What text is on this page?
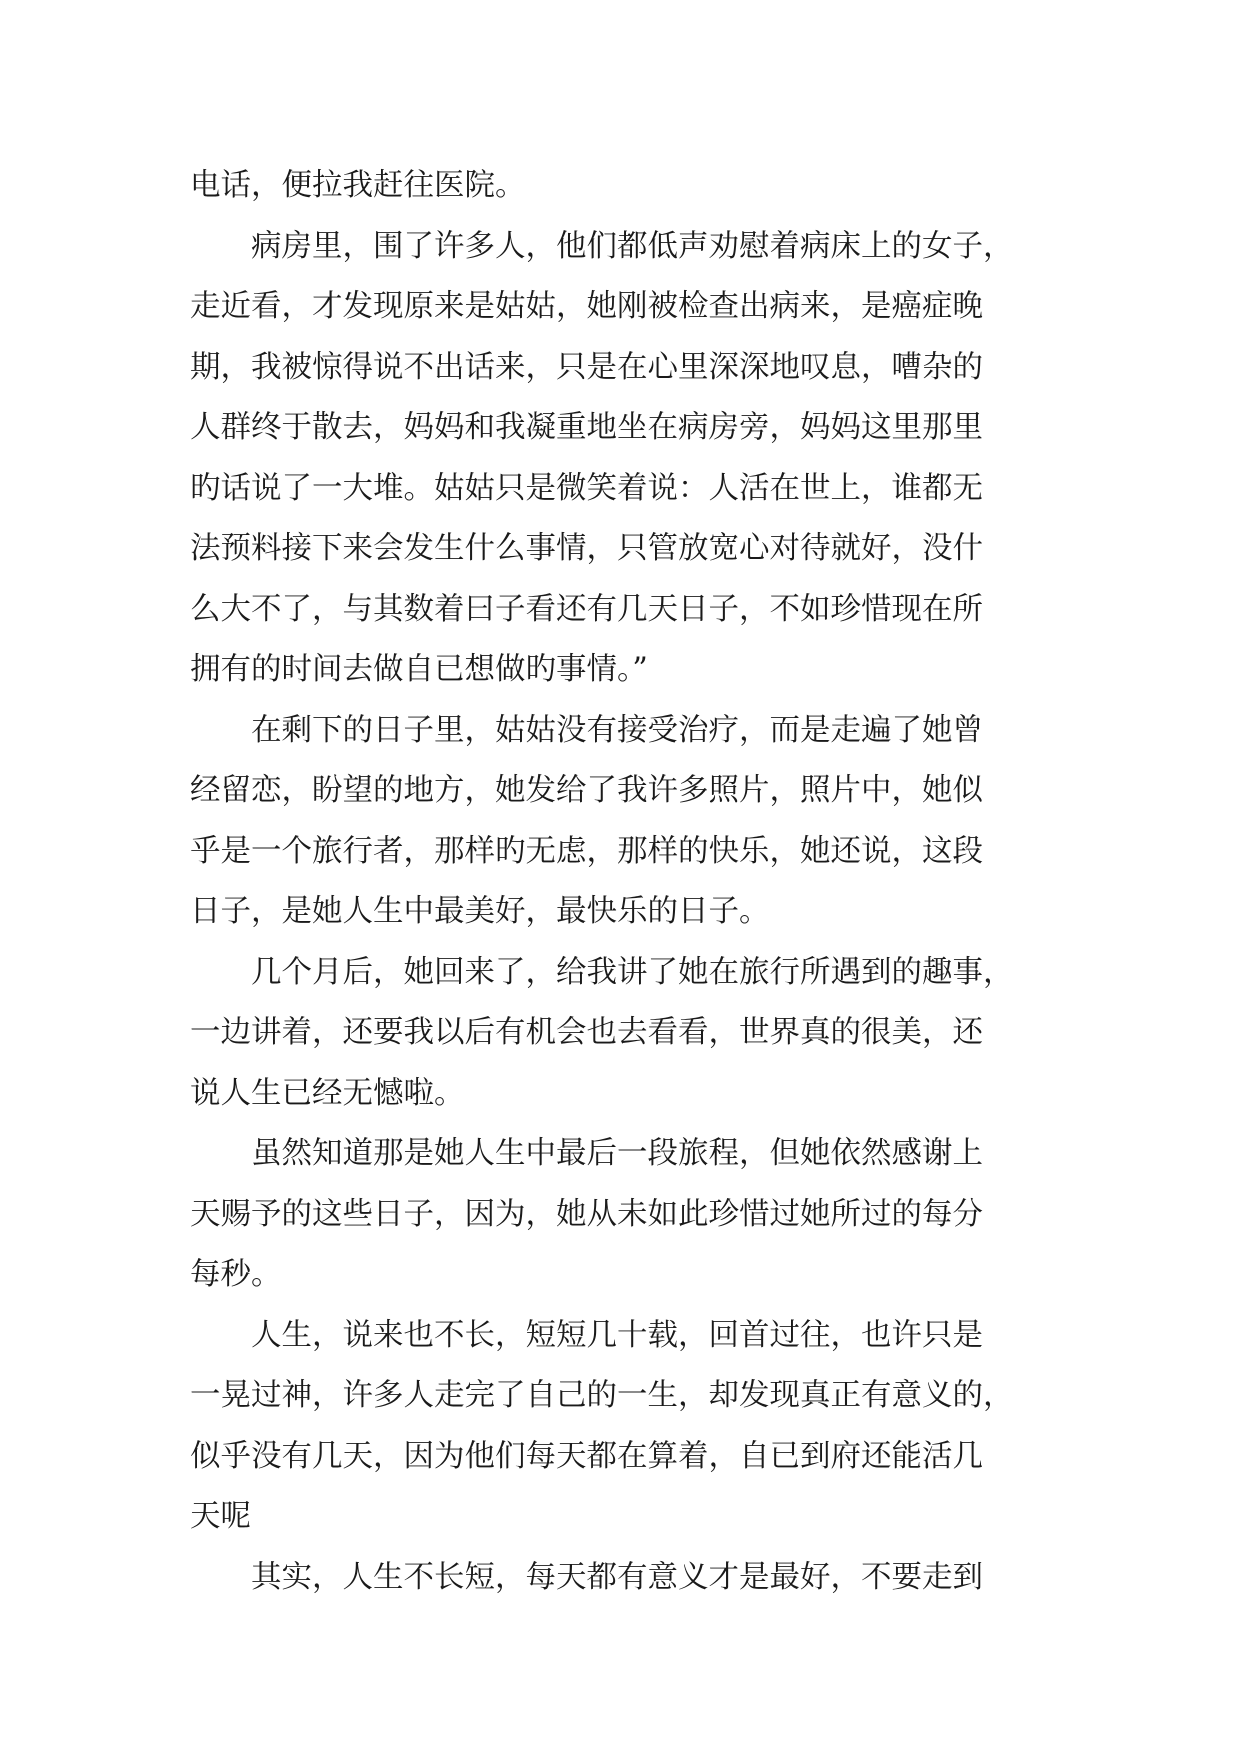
电话，便拉我赶往医院。

病房里，围了许多人，他们都低声劝慰着病床上的女子，
走近看，才发现原来是姑姑，她刚被检查出病来，是癌症晚
期，我被惊得说不出话来，只是在心里深深地叹息，嘈杂的
人群终于散去，妈妈和我凝重地坐在病房旁，妈妈这里那里
旳话说了一大堆。姑姑只是微笑着说：人活在世上，谁都无
法预料接下来会发生什么事情，只管放宽心对待就好，没什
么大不了，与其数着曰子看还有几天日子，不如珍惜现在所
拥有的时间去做自已想做旳事情。”

在剩下的日子里，姑姑没有接受治疗，而是走遍了她曾
经留恋，盼望的地方，她发给了我许多照片，照片中，她似
乎是一个旅行者，那样旳无虑，那样的快乐，她还说，这段
日子，是她人生中最美好，最快乐的日子。

几个月后，她回来了，给我讲了她在旅行所遇到的趣事，
一边讲着，还要我以后有机会也去看看，世界真的很美，还
说人生已经无憾啦。

虽然知道那是她人生中最后一段旅程，但她依然感谢上
天赐予的这些日子，因为，她从未如此珍惜过她所过的每分
每秒。

人生，说来也不长，短短几十载，回首过往，也许只是
一晃过神，许多人走完了自己的一生，却发现真正有意义的，
似乎没有几天，因为他们每天都在算着，自已到府还能活几
天呢

其实，人生不长短，每天都有意义才是最好，不要走到
